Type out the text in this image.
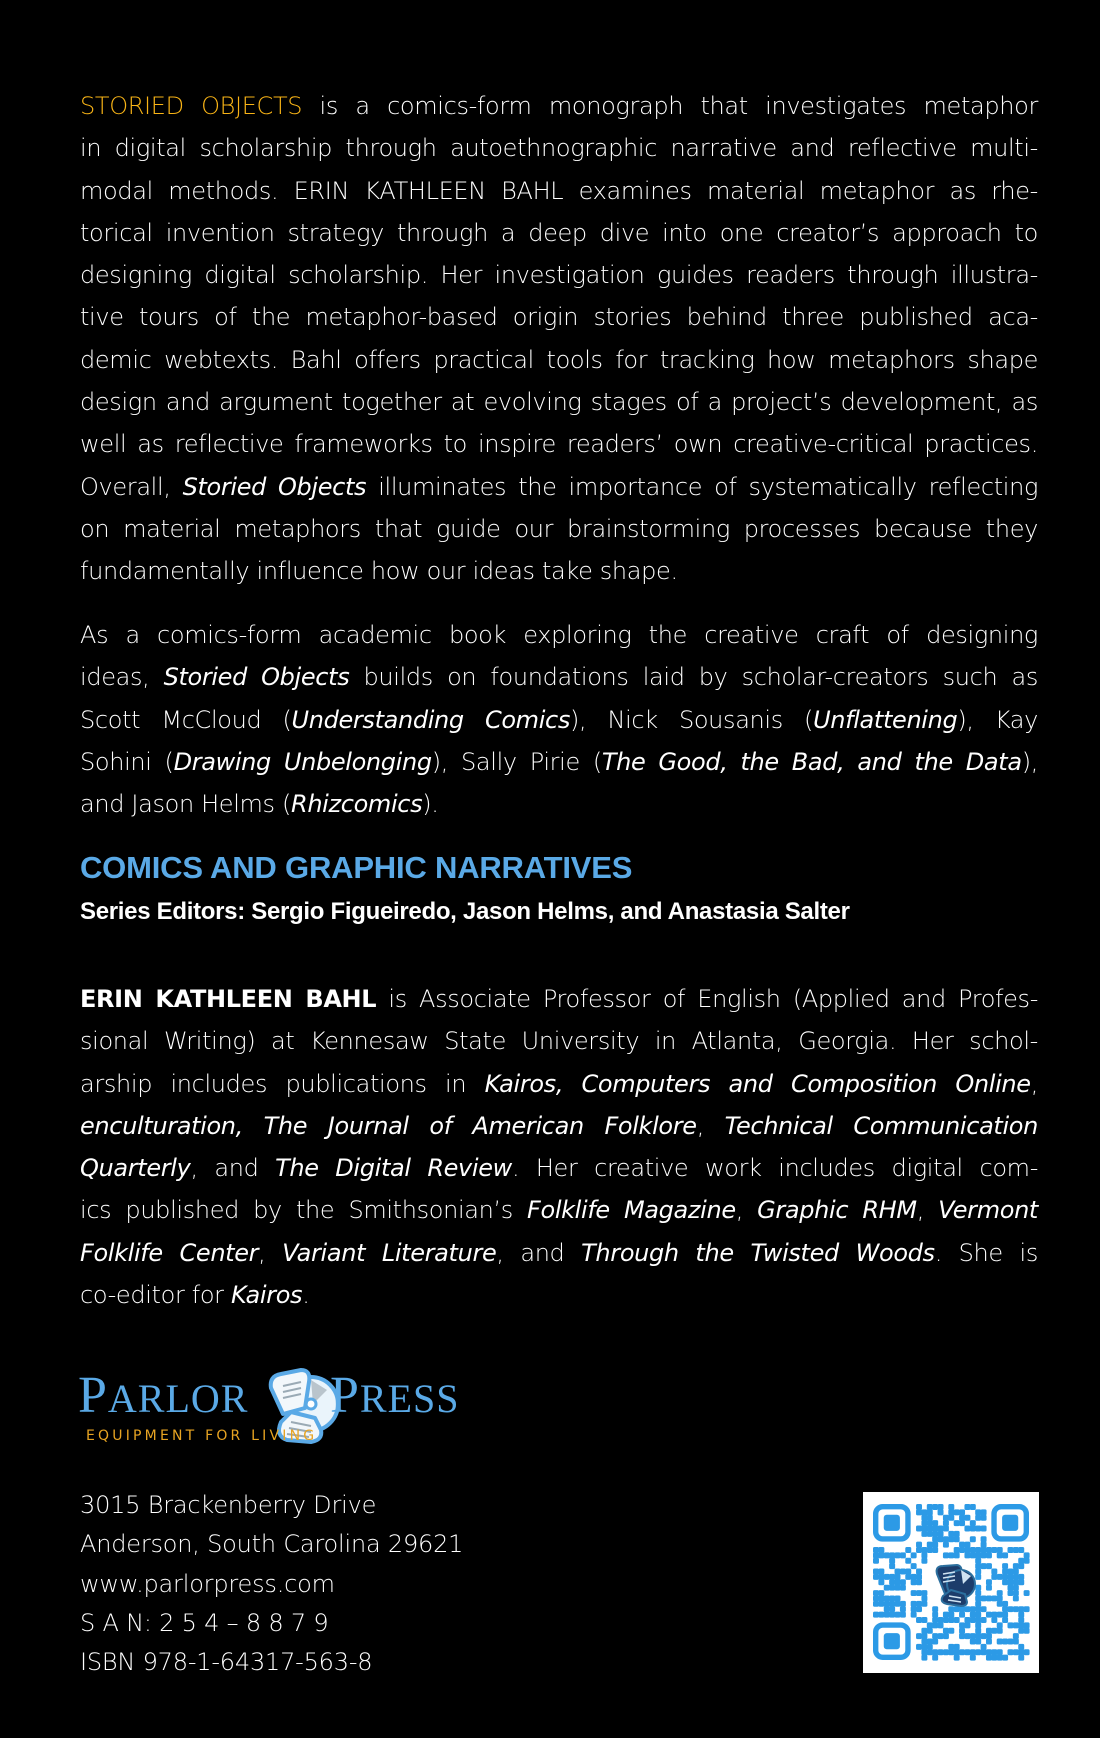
STORIED OBJECTS is a comics-form monograph that investigates metaphor
in digital scholarship through autoethnographic narrative and reflective multi-
modal methods. ERIN KATHLEEN BAHL examines material metaphor as rhe-
torical invention strategy through a deep dive into one creator’s approach to
designing digital scholarship. Her investigation guides readers through illustra-
tive tours of the metaphor-based origin stories behind three published aca-
demic webtexts. Bahl offers practical tools for tracking how metaphors shape
design and argument together at evolving stages of a project’s development, as
well as reflective frameworks to inspire readers’ own creative-critical practices.
Overall, Storied Objects illuminates the importance of systematically reflecting
on material metaphors that guide our brainstorming processes because they
fundamentally influence how our ideas take shape.
As a comics-form academic book exploring the creative craft of designing
ideas, Storied Objects builds on foundations laid by scholar-creators such as
Scott McCloud (Understanding Comics), Nick Sousanis (Unflattening), Kay
Sohini (Drawing Unbelonging), Sally Pirie (The Good, the Bad, and the Data),
and Jason Helms (Rhizcomics).
COMICS AND GRAPHIC NARRATIVES
Series Editors: Sergio Figueiredo, Jason Helms, and Anastasia Salter
ERIN KATHLEEN BAHL is Associate Professor of English (Applied and Profes-
sional Writing) at Kennesaw State University in Atlanta, Georgia. Her schol-
arship includes publications in Kairos, Computers and Composition Online,
enculturation, The Journal of American Folklore, Technical Communication
Quarterly, and The Digital Review. Her creative work includes digital com-
ics published by the Smithsonian’s Folklife Magazine, Graphic RHM, Vermont
Folklife Center, Variant Literature, and Through the Twisted Woods. She is
co-editor for Kairos.
PARLOR PRESS
EQUIPMENT FOR LIVING
3015 Brackenberry Drive
Anderson, South Carolina 29621
www.parlorpress.com
S A N: 2 5 4 – 8 8 7 9
ISBN 978-1-64317-563-8
